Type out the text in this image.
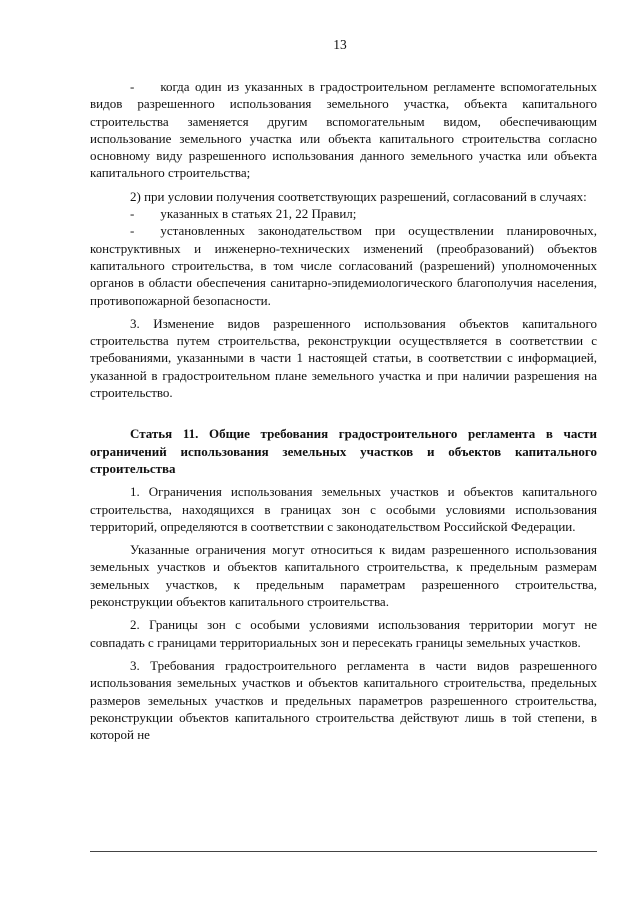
13

-  когда один из указанных в градостроительном регламенте вспомогательных видов разрешенного использования земельного участка, объекта капитального строительства заменяется другим вспомогательным видом, обеспечивающим использование земельного участка или объекта капитального строительства согласно основному виду разрешенного использования данного земельного участка или объекта капитального строительства;

2) при условии получения соответствующих разрешений, согласований в случаях:

-  указанных в статьях 21, 22 Правил;

-  установленных законодательством при осуществлении планировочных, конструктивных и инженерно-технических изменений (преобразований) объектов капитального строительства, в том числе согласований (разрешений) уполномоченных органов в области обеспечения санитарно-эпидемиологического благополучия населения, противопожарной безопасности.

3. Изменение видов разрешенного использования объектов капитального строительства путем строительства, реконструкции осуществляется в соответствии с требованиями, указанными в части 1 настоящей статьи, в соответствии с информацией, указанной в градостроительном плане земельного участка и при наличии разрешения на строительство.

Статья 11. Общие требования градостроительного регламента в части ограничений использования земельных участков и объектов капитального строительства

1. Ограничения использования земельных участков и объектов капитального строительства, находящихся в границах зон с особыми условиями использования территорий, определяются в соответствии с законодательством Российской Федерации.

Указанные ограничения могут относиться к видам разрешенного использования земельных участков и объектов капитального строительства, к предельным размерам земельных участков, к предельным параметрам разрешенного строительства, реконструкции объектов капитального строительства.

2. Границы зон с особыми условиями использования территории могут не совпадать с границами территориальных зон и пересекать границы земельных участков.

3. Требования градостроительного регламента в части видов разрешенного использования земельных участков и объектов капитального строительства, предельных размеров земельных участков и предельных параметров разрешенного строительства, реконструкции объектов капитального строительства действуют лишь в той степени, в которой не
